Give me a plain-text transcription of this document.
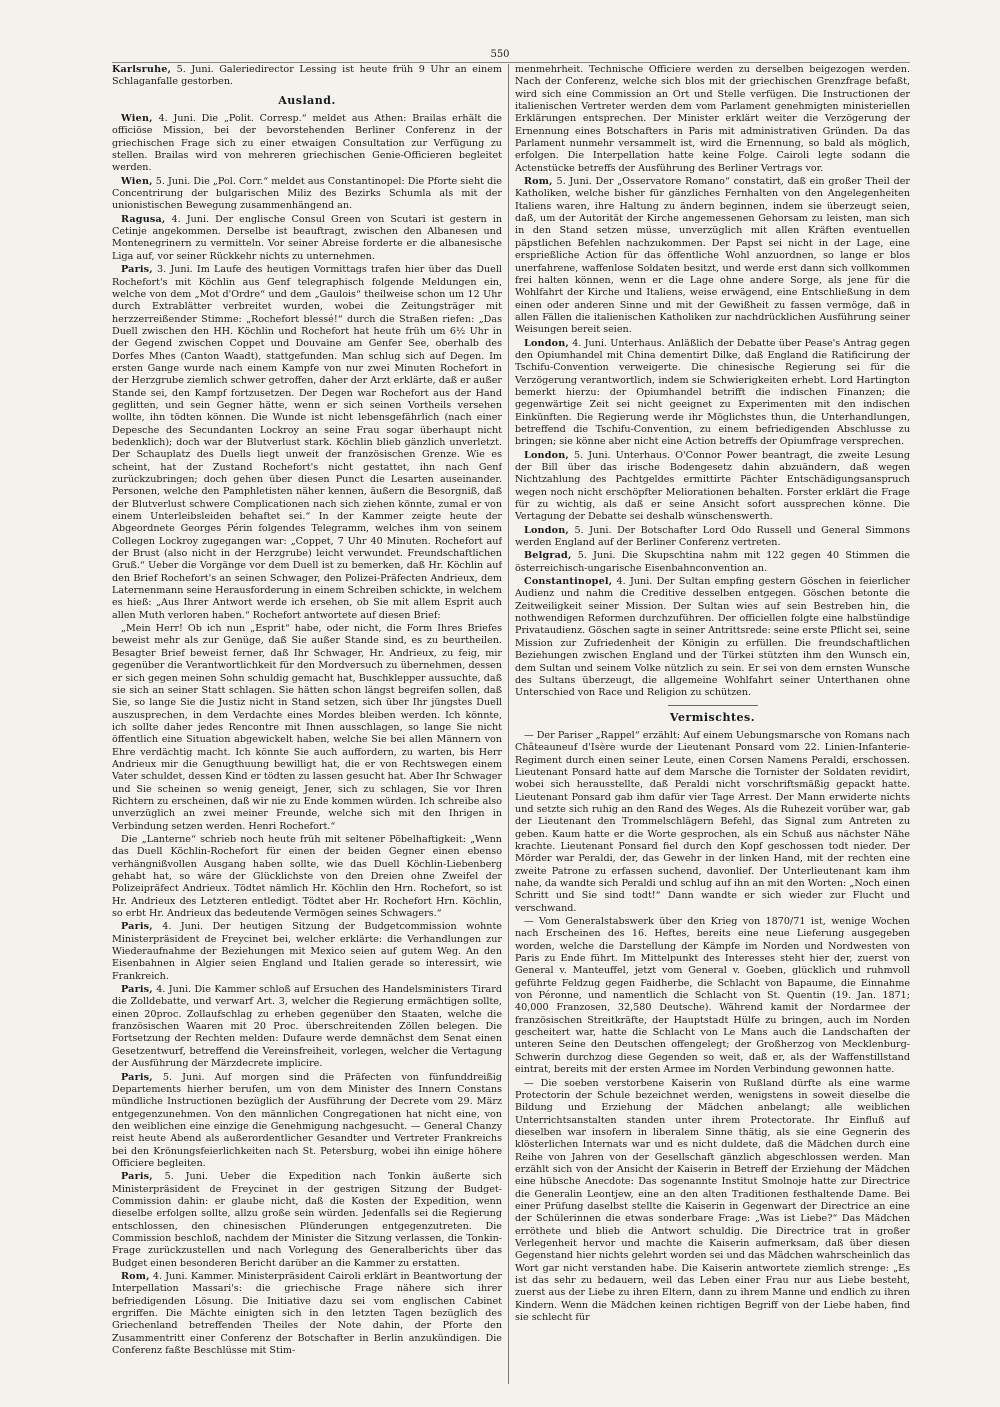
550

Karlsruhe, 5. Juni. Galeriedirector Lessing ist heute früh 9 Uhr an einem Schlaganfalle gestorben.

Ausland.

Wien, 4. Juni. Die „Polit. Corresp.“ meldet aus Athen: Brailas erhält die officiöse Mission, bei der bevorstehenden Berliner Conferenz in der griechischen Frage sich zu einer etwaigen Consultation zur Verfügung zu stellen. Brailas wird von mehreren griechischen Genie-Officieren begleitet werden.

Wien, 5. Juni. Die „Pol. Corr.“ meldet aus Constantinopel: Die Pforte sieht die Concentrirung der bulgarischen Miliz des Bezirks Schumla als mit der unionistischen Bewegung zusammenhängend an.

Ragusa, 4. Juni. Der englische Consul Green von Scutari ist gestern in Cetinje angekommen. Derselbe ist beauftragt, zwischen den Albanesen und Montenegrinern zu vermitteln. Vor seiner Abreise forderte er die albanesische Liga auf, vor seiner Rückkehr nichts zu unternehmen.

Paris, 3. Juni. Im Laufe des heutigen Vormittags trafen hier über das Duell Rochefort's mit Köchlin aus Genf telegraphisch folgende Meldungen ein, welche von dem „Mot d'Ordre“ und dem „Gaulois“ theilweise schon um 12 Uhr durch Extrablätter verbreitet wurden, wobei die Zeitungsträger mit herzzerreißender Stimme: „Rochefort blessé!“ durch die Straßen riefen: „Das Duell zwischen den HH. Köchlin und Rochefort hat heute früh um 6½ Uhr in der Gegend zwischen Coppet und Douvaine am Genfer See, oberhalb des Dorfes Mhes (Canton Waadt), stattgefunden. Man schlug sich auf Degen. Im ersten Gange wurde nach einem Kampfe von nur zwei Minuten Rochefort in der Herzgrube ziemlich schwer getroffen, daher der Arzt erklärte, daß er außer Stande sei, den Kampf fortzusetzen. Der Degen war Rochefort aus der Hand geglitten, und sein Gegner hätte, wenn er sich seinen Vortheils versehen wollte, ihn tödten können. Die Wunde ist nicht lebensgefährlich (nach einer Depesche des Secundanten Lockroy an seine Frau sogar überhaupt nicht bedenklich); doch war der Blutverlust stark. Köchlin blieb gänzlich unverletzt. Der Schauplatz des Duells liegt unweit der französischen Grenze. Wie es scheint, hat der Zustand Rochefort's nicht gestattet, ihn nach Genf zurückzubringen; doch gehen über diesen Punct die Lesarten auseinander. Personen, welche den Pamphletisten näher kennen, äußern die Besorgniß, daß der Blutverlust schwere Complicationen nach sich ziehen könnte, zumal er von einem Unterleibsleiden behaftet sei.“ In der Kammer zeigte heute der Abgeordnete Georges Périn folgendes Telegramm, welches ihm von seinem Collegen Lockroy zugegangen war: „Coppet, 7 Uhr 40 Minuten. Rochefort auf der Brust (also nicht in der Herzgrube) leicht verwundet. Freundschaftlichen Gruß.“ Ueber die Vorgänge vor dem Duell ist zu bemerken, daß Hr. Köchlin auf den Brief Rochefort's an seinen Schwager, den Polizei-Präfecten Andrieux, dem Laternenmann seine Herausforderung in einem Schreiben schickte, in welchem es hieß: „Aus Ihrer Antwort werde ich ersehen, ob Sie mit allem Esprit auch allen Muth verloren haben.“ Rochefort antwortete auf diesen Brief:

„Mein Herr! Ob ich nun „Esprit“ habe, oder nicht, die Form Ihres Briefes beweist mehr als zur Genüge, daß Sie außer Stande sind, es zu beurtheilen. Besagter Brief beweist ferner, daß Ihr Schwager, Hr. Andrieux, zu feig, mir gegenüber die Verantwortlichkeit für den Mordversuch zu übernehmen, dessen er sich gegen meinen Sohn schuldig gemacht hat, Buschklepper aussuchte, daß sie sich an seiner Statt schlagen. Sie hätten schon längst begreifen sollen, daß Sie, so lange Sie die Justiz nicht in Stand setzen, sich über Ihr jüngstes Duell auszusprechen, in dem Verdachte eines Mordes bleiben werden. Ich könnte, ich sollte daher jedes Rencontre mit Ihnen ausschlagen, so lange Sie nicht öffentlich eine Situation abgewickelt haben, welche Sie bei allen Männern von Ehre verdächtig macht. Ich könnte Sie auch auffordern, zu warten, bis Herr Andrieux mir die Genugthuung bewilligt hat, die er von Rechtswegen einem Vater schuldet, dessen Kind er tödten zu lassen gesucht hat. Aber Ihr Schwager und Sie scheinen so wenig geneigt, Jener, sich zu schlagen, Sie vor Ihren Richtern zu erscheinen, daß wir nie zu Ende kommen würden. Ich schreibe also unverzüglich an zwei meiner Freunde, welche sich mit den Ihrigen in Verbindung setzen werden. Henri Rochefort.“

Die „Lanterne“ schrieb noch heute früh mit seltener Pöbelhaftigkeit: „Wenn das Duell Köchlin-Rochefort für einen der beiden Gegner einen ebenso verhängnißvollen Ausgang haben sollte, wie das Duell Köchlin-Liebenberg gehabt hat, so wäre der Glücklichste von den Dreien ohne Zweifel der Polizeipräfect Andrieux. Tödtet nämlich Hr. Köchlin den Hrn. Rochefort, so ist Hr. Andrieux des Letzteren entledigt. Tödtet aber Hr. Rochefort Hrn. Köchlin, so erbt Hr. Andrieux das bedeutende Vermögen seines Schwagers.“

Paris, 4. Juni. Der heutigen Sitzung der Budgetcommission wohnte Ministerpräsident de Freycinet bei, welcher erklärte: die Verhandlungen zur Wiederaufnahme der Beziehungen mit Mexico seien auf gutem Weg. An den Eisenbahnen in Algier seien England und Italien gerade so interessirt, wie Frankreich.

Paris, 4. Juni. Die Kammer schloß auf Ersuchen des Handelsministers Tirard die Zolldebatte, und verwarf Art. 3, welcher die Regierung ermächtigen sollte, einen 20proc. Zollaufschlag zu erheben gegenüber den Staaten, welche die französischen Waaren mit 20 Proc. überschreitenden Zöllen belegen. Die Fortsetzung der Rechten melden: Dufaure werde demnächst dem Senat einen Gesetzentwurf, betreffend die Vereinsfreiheit, vorlegen, welcher die Vertagung der Ausführung der Märzdecrete implicire.

Paris, 5. Juni. Auf morgen sind die Präfecten von fünfunddreißig Departements hierher berufen, um von dem Minister des Innern Constans mündliche Instructionen bezüglich der Ausführung der Decrete vom 29. März entgegenzunehmen. Von den männlichen Congregationen hat nicht eine, von den weiblichen eine einzige die Genehmigung nachgesucht. — General Chanzy reist heute Abend als außerordentlicher Gesandter und Vertreter Frankreichs bei den Krönungsfeierlichkeiten nach St. Petersburg, wobei ihn einige höhere Officiere begleiten.

Paris, 5. Juni. Ueber die Expedition nach Tonkin äußerte sich Ministerpräsident de Freycinet in der gestrigen Sitzung der Budget-Commission dahin: er glaube nicht, daß die Kosten der Expedition, wenn dieselbe erfolgen sollte, allzu große sein würden. Jedenfalls sei die Regierung entschlossen, den chinesischen Plünderungen entgegenzutreten. Die Commission beschloß, nachdem der Minister die Sitzung verlassen, die Tonkin-Frage zurückzustellen und nach Vorlegung des Generalberichts über das Budget einen besonderen Bericht darüber an die Kammer zu erstatten.

Rom, 4. Juni. Kammer. Ministerpräsident Cairoli erklärt in Beantwortung der Interpellation Massari's: die griechische Frage nähere sich ihrer befriedigenden Lösung. Die Initiative dazu sei vom englischen Cabinet ergriffen. Die Mächte einigten sich in den letzten Tagen bezüglich des Griechenland betreffenden Theiles der Note dahin, der Pforte den Zusammentritt einer Conferenz der Botschafter in Berlin anzukündigen. Die Conferenz faßte Beschlüsse mit Stim-

menmehrheit. Technische Officiere werden zu derselben beigezogen werden. Nach der Conferenz, welche sich blos mit der griechischen Grenzfrage befaßt, wird sich eine Commission an Ort und Stelle verfügen. Die Instructionen der italienischen Vertreter werden dem vom Parlament genehmigten ministeriellen Erklärungen entsprechen. Der Minister erklärt weiter die Verzögerung der Ernennung eines Botschafters in Paris mit administrativen Gründen. Da das Parlament nunmehr versammelt ist, wird die Ernennung, so bald als möglich, erfolgen. Die Interpellation hatte keine Folge. Cairoli legte sodann die Actenstücke betreffs der Ausführung des Berliner Vertrags vor.

Rom, 5. Juni. Der „Osservatore Romano“ constatirt, daß ein großer Theil der Katholiken, welche bisher für gänzliches Fernhalten von den Angelegenheiten Italiens waren, ihre Haltung zu ändern beginnen, indem sie überzeugt seien, daß, um der Autorität der Kirche angemessenen Gehorsam zu leisten, man sich in den Stand setzen müsse, unverzüglich mit allen Kräften eventuellen päpstlichen Befehlen nachzukommen. Der Papst sei nicht in der Lage, eine ersprießliche Action für das öffentliche Wohl anzuordnen, so lange er blos unerfahrene, waffenlose Soldaten besitzt, und werde erst dann sich vollkommen frei halten können, wenn er die Lage ohne andere Sorge, als jene für die Wohlfahrt der Kirche und Italiens, weise erwägend, eine Entschließung in dem einen oder anderen Sinne und mit der Gewißheit zu fassen vermöge, daß in allen Fällen die italienischen Katholiken zur nachdrücklichen Ausführung seiner Weisungen bereit seien.

London, 4. Juni. Unterhaus. Anläßlich der Debatte über Pease's Antrag gegen den Opiumhandel mit China dementirt Dilke, daß England die Ratificirung der Tschifu-Convention verweigerte. Die chinesische Regierung sei für die Verzögerung verantwortlich, indem sie Schwierigkeiten erhebt. Lord Hartington bemerkt hierzu: der Opiumhandel betrifft die indischen Finanzen; die gegenwärtige Zeit sei nicht geeignet zu Experimenten mit den indischen Einkünften. Die Regierung werde ihr Möglichstes thun, die Unterhandlungen, betreffend die Tschifu-Convention, zu einem befriedigenden Abschlusse zu bringen; sie könne aber nicht eine Action betreffs der Opiumfrage versprechen.

London, 5. Juni. Unterhaus. O'Connor Power beantragt, die zweite Lesung der Bill über das irische Bodengesetz dahin abzuändern, daß wegen Nichtzahlung des Pachtgeldes ermittirte Pächter Entschädigungsanspruch wegen noch nicht erschöpfter Meliorationen behalten. Forster erklärt die Frage für zu wichtig, als daß er seine Ansicht sofort aussprechen könne. Die Vertagung der Debatte sei deshalb wünschenswerth.

London, 5. Juni. Der Botschafter Lord Odo Russell und General Simmons werden England auf der Berliner Conferenz vertreten.

Belgrad, 5. Juni. Die Skupschtina nahm mit 122 gegen 40 Stimmen die österreichisch-ungarische Eisenbahnconvention an.

Constantinopel, 4. Juni. Der Sultan empfing gestern Göschen in feierlicher Audienz und nahm die Creditive desselben entgegen. Göschen betonte die Zeitweiligkeit seiner Mission. Der Sultan wies auf sein Bestreben hin, die nothwendigen Reformen durchzuführen. Der officiellen folgte eine halbstündige Privataudienz. Göschen sagte in seiner Antrittsrede: seine erste Pflicht sei, seine Mission zur Zufriedenheit der Königin zu erfüllen. Die freundschaftlichen Beziehungen zwischen England und der Türkei stützten ihm den Wunsch ein, dem Sultan und seinem Volke nützlich zu sein. Er sei von dem ernsten Wunsche des Sultans überzeugt, die allgemeine Wohlfahrt seiner Unterthanen ohne Unterschied von Race und Religion zu schützen.

Vermischtes.

— Der Pariser „Rappel“ erzählt: Auf einem Uebungsmarsche von Romans nach Châteauneuf d'Isère wurde der Lieutenant Ponsard vom 22. Linien-Infanterie-Regiment durch einen seiner Leute, einen Corsen Namens Peraldi, erschossen. Lieutenant Ponsard hatte auf dem Marsche die Tornister der Soldaten revidirt, wobei sich herausstellte, daß Peraldi nicht vorschriftsmäßig gepackt hatte. Lieutenant Ponsard gab ihm dafür vier Tage Arrest. Der Mann erwiderte nichts und setzte sich ruhig an den Rand des Weges. Als die Ruhezeit vorüber war, gab der Lieutenant den Trommelschlägern Befehl, das Signal zum Antreten zu geben. Kaum hatte er die Worte gesprochen, als ein Schuß aus nächster Nähe krachte. Lieutenant Ponsard fiel durch den Kopf geschossen todt nieder. Der Mörder war Peraldi, der, das Gewehr in der linken Hand, mit der rechten eine zweite Patrone zu erfassen suchend, davonlief. Der Unterlieutenant kam ihm nahe, da wandte sich Peraldi und schlug auf ihn an mit den Worten: „Noch einen Schritt und Sie sind todt!“ Dann wandte er sich wieder zur Flucht und verschwand.

— Vom Generalstabswerk über den Krieg von 1870/71 ist, wenige Wochen nach Erscheinen des 16. Heftes, bereits eine neue Lieferung ausgegeben worden, welche die Darstellung der Kämpfe im Norden und Nordwesten von Paris zu Ende führt. Im Mittelpunkt des Interesses steht hier der, zuerst von General v. Manteuffel, jetzt vom General v. Goeben, glücklich und ruhmvoll geführte Feldzug gegen Faidherbe, die Schlacht von Bapaume, die Einnahme von Péronne, und namentlich die Schlacht von St. Quentin (19. Jan. 1871; 40,000 Franzosen, 32,580 Deutsche). Während kamit der Nordarmee der französischen Streitkräfte, der Hauptstadt Hülfe zu bringen, auch im Norden gescheitert war, hatte die Schlacht von Le Mans auch die Landschaften der unteren Seine den Deutschen offengelegt; der Großherzog von Mecklenburg-Schwerin durchzog diese Gegenden so weit, daß er, als der Waffenstillstand eintrat, bereits mit der ersten Armee im Norden Verbindung gewonnen hatte.

— Die soeben verstorbene Kaiserin von Rußland dürfte als eine warme Protectorin der Schule bezeichnet werden, wenigstens in soweit dieselbe die Bildung und Erziehung der Mädchen anbelangt; alle weiblichen Unterrichtsanstalten standen unter ihrem Protectorate. Ihr Einfluß auf dieselben war insofern in liberalem Sinne thätig, als sie eine Gegnerin des klösterlichen Internats war und es nicht duldete, daß die Mädchen durch eine Reihe von Jahren von der Gesellschaft gänzlich abgeschlossen werden. Man erzählt sich von der Ansicht der Kaiserin in Betreff der Erziehung der Mädchen eine hübsche Anecdote: Das sogenannte Institut Smolnoje hatte zur Directrice die Generalin Leontjew, eine an den alten Traditionen festhaltende Dame. Bei einer Prüfung daselbst stellte die Kaiserin in Gegenwart der Directrice an eine der Schülerinnen die etwas sonderbare Frage: „Was ist Liebe?“ Das Mädchen erröthete und blieb die Antwort schuldig. Die Directrice trat in großer Verlegenheit hervor und machte die Kaiserin aufmerksam, daß über diesen Gegenstand hier nichts gelehrt worden sei und das Mädchen wahrscheinlich das Wort gar nicht verstanden habe. Die Kaiserin antwortete ziemlich strenge: „Es ist das sehr zu bedauern, weil das Leben einer Frau nur aus Liebe besteht, zuerst aus der Liebe zu ihren Eltern, dann zu ihrem Manne und endlich zu ihren Kindern. Wenn die Mädchen keinen richtigen Begriff von der Liebe haben, find sie schlecht für
